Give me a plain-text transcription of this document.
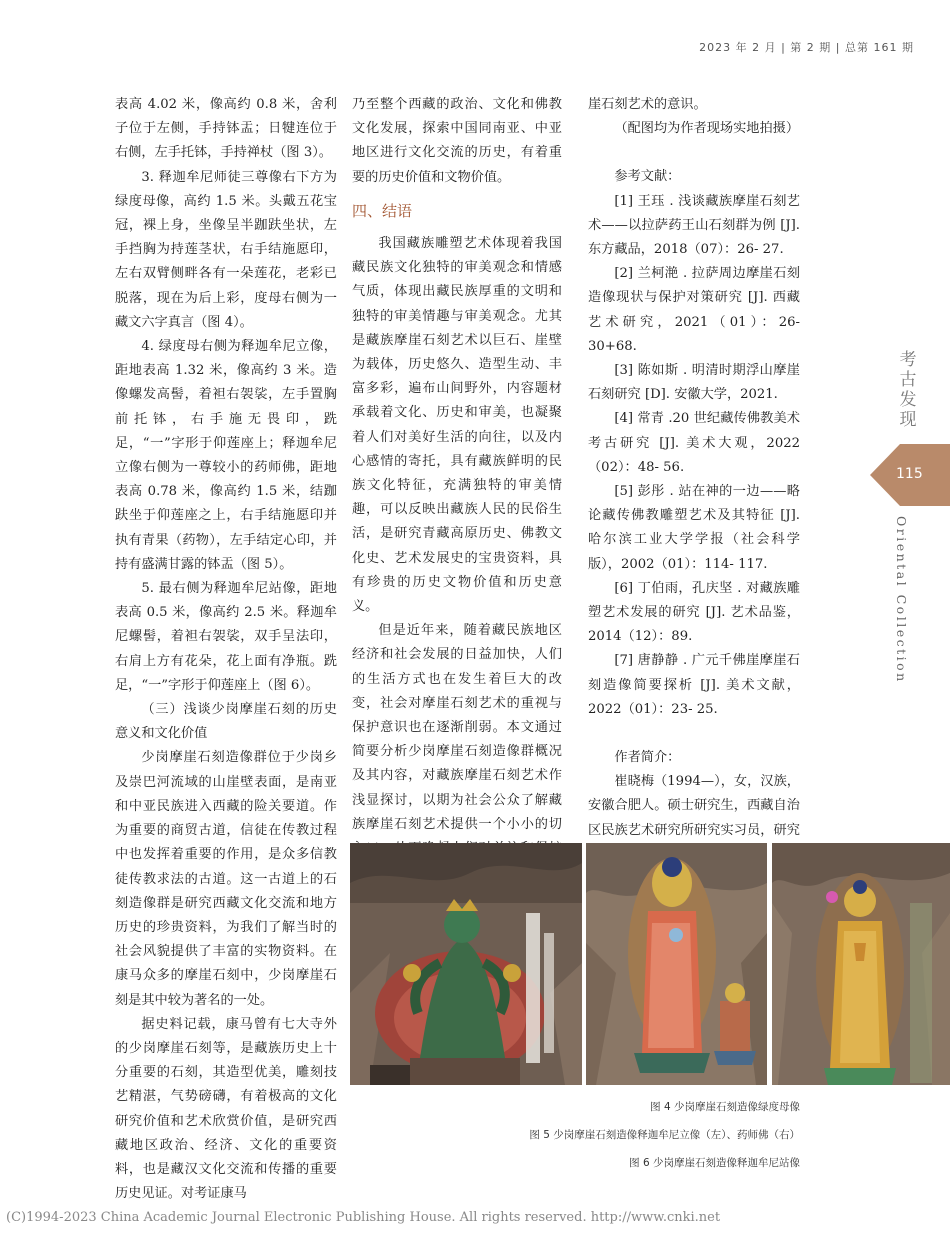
2023 年 2 月 | 第 2 期 | 总第 161 期

表高 4.02 米，像高约 0.8 米，舍利子位于左侧，手持钵盂；日犍连位于右侧，左手托钵，手持禅杖（图 3）。

3. 释迦牟尼师徒三尊像右下方为绿度母像，高约 1.5 米。头戴五花宝冠，裸上身，坐像呈半跏趺坐状，左手挡胸为持莲茎状，右手结施愿印，左右双臂侧畔各有一朵莲花，老彩已脱落，现在为后上彩，度母右侧为一藏文六字真言（图 4）。

4. 绿度母右侧为释迦牟尼立像，距地表高 1.32 米，像高约 3 米。造像螺发高髻，着袒右袈裟，左手置胸前托钵，右手施无畏印，跣足，“一”字形于仰莲座上；释迦牟尼立像右侧为一尊较小的药师佛，距地表高 0.78 米，像高约 1.5 米，结跏趺坐于仰莲座之上，右手结施愿印并执有青果（药物），左手结定心印，并持有盛满甘露的钵盂（图 5）。

5. 最右侧为释迦牟尼站像，距地表高 0.5 米，像高约 2.5 米。释迦牟尼螺髻，着袒右袈裟，双手呈法印，右肩上方有花朵，花上面有净瓶。跣足，“一”字形于仰莲座上（图 6）。

（三）浅谈少岗摩崖石刻的历史意义和文化价值

少岗摩崖石刻造像群位于少岗乡及崇巴河流域的山崖壁表面，是南亚和中亚民族进入西藏的险关要道。作为重要的商贸古道，信徒在传教过程中也发挥着重要的作用，是众多信教徒传教求法的古道。这一古道上的石刻造像群是研究西藏文化交流和地方历史的珍贵资料，为我们了解当时的社会风貌提供了丰富的实物资料。在康马众多的摩崖石刻中，少岗摩崖石刻是其中较为著名的一处。

据史料记载，康马曾有七大寺外的少岗摩崖石刻等，是藏族历史上十分重要的石刻，其造型优美，雕刻技艺精湛，气势磅礴，有着极高的文化研究价值和艺术欣赏价值，是研究西藏地区政治、经济、文化的重要资料，也是藏汉文化交流和传播的重要历史见证。对考证康马

乃至整个西藏的政治、文化和佛教文化发展，探索中国同南亚、中亚地区进行文化交流的历史，有着重要的历史价值和文物价值。

四、结语

我国藏族雕塑艺术体现着我国藏民族文化独特的审美观念和情感气质，体现出藏民族厚重的文明和独特的审美情趣与审美观念。尤其是藏族摩崖石刻艺术以巨石、崖壁为载体，历史悠久、造型生动、丰富多彩，遍布山间野外，内容题材承载着文化、历史和审美，也凝聚着人们对美好生活的向往，以及内心感情的寄托，具有藏族鲜明的民族文化特征，充满独特的审美情趣，可以反映出藏族人民的民俗生活，是研究青藏高原历史、佛教文化史、艺术发展史的宝贵资料，具有珍贵的历史文物价值和历史意义。

但是近年来，随着藏民族地区经济和社会发展的日益加快，人们的生活方式也在发生着巨大的改变，社会对摩崖石刻艺术的重视与保护意识也在逐渐削弱。本文通过简要分析少岗摩崖石刻造像群概况及其内容，对藏族摩崖石刻艺术作浅显探讨，以期为社会公众了解藏族摩崖石刻艺术提供一个小小的切

崖石刻艺术的意识。

（配图均为作者现场实地拍摄）

参考文献：

[1] 王珏 . 浅谈藏族摩崖石刻艺术——以拉萨药王山石刻群为例 [J]. 东方藏品，2018（07）：26- 27.

[2] 兰柯滟 . 拉萨周边摩崖石刻造像现状与保护对策研究 [J]. 西藏艺术研究，2021（01）：26- 30+68.

[3] 陈如斯 . 明清时期浮山摩崖石刻研究 [D]. 安徽大学，2021.

[4] 常青 .20 世纪藏传佛教美术考古研究 [J]. 美术大观，2022（02）：48- 56.

[5] 彭彤 . 站在神的一边——略论藏传佛教雕塑艺术及其特征 [J]. 哈尔滨工业大学学报（社会科学版），2002（01）：114- 117.

[6] 丁伯雨，孔庆坚 . 对藏族雕塑艺术发展的研究 [J]. 艺术品鉴，2014（12）：89.

[7] 唐静静 . 广元千佛崖摩崖石刻造像简要探析 [J]. 美术文献，2022（01）：23- 25.

作者简介：

崔晓梅（1994—），女，汉族，安徽合肥人。硕士研究生，西藏自治区民族艺术研究所研究实习员，研究

考古发现
115
Oriental Collection
图 4 少岗摩崖石刻造像绿度母像
图 5 少岗摩崖石刻造像释迦牟尼立像（左）、药师佛（右）
图 6 少岗摩崖石刻造像释迦牟尼站像
(C)1994-2023 China Academic Journal Electronic Publishing House. All rights reserved. http://www.cnki.net
